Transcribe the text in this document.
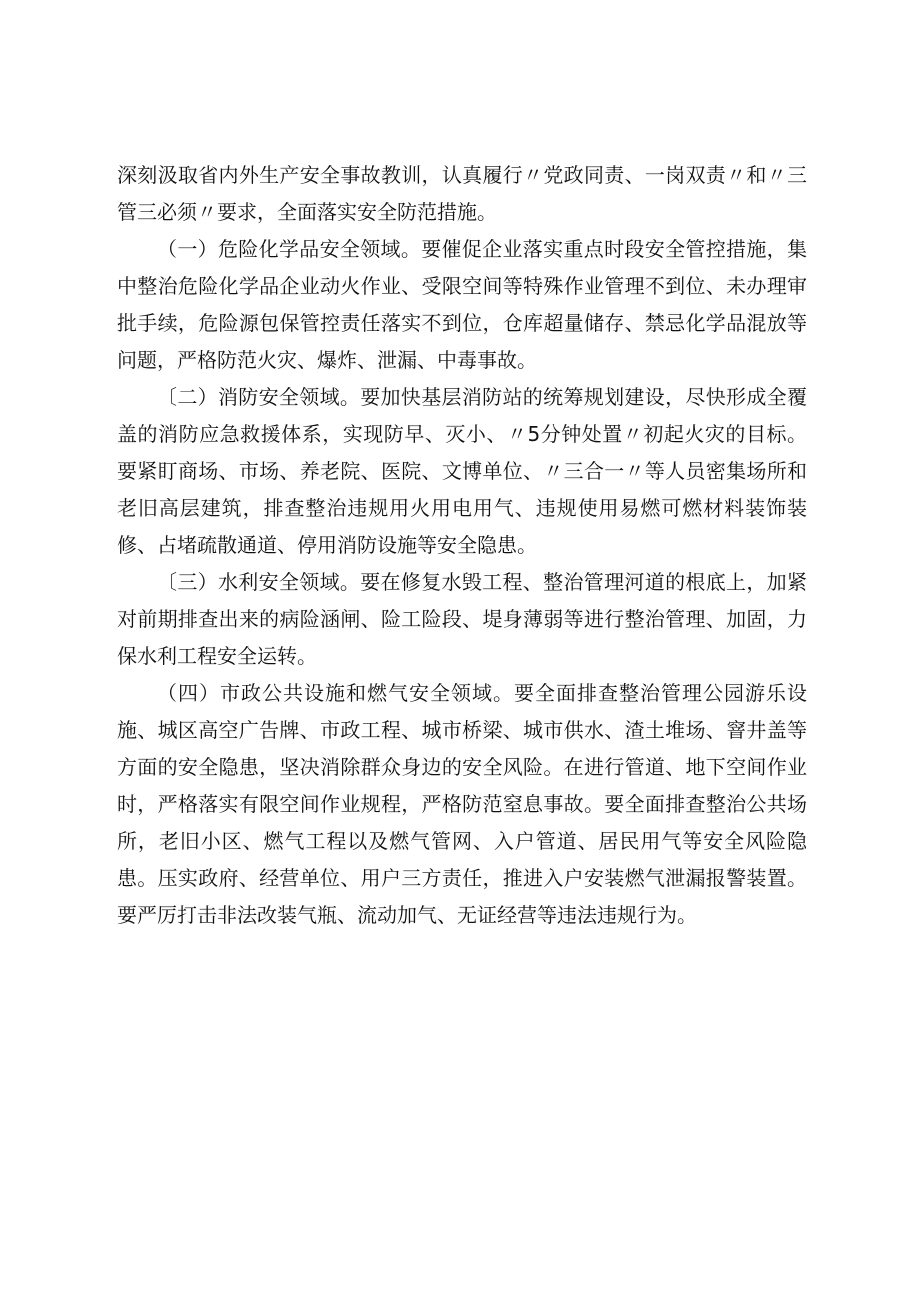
深刻汲取省内外生产安全事故教训，认真履行〃党政同责、一岗双责〃和〃三管三必须〃要求，全面落实安全防范措施。

（一）危险化学品安全领域。要催促企业落实重点时段安全管控措施，集中整治危险化学品企业动火作业、受限空间等特殊作业管理不到位、未办理审批手续，危险源包保管控责任落实不到位，仓库超量储存、禁忌化学品混放等问题，严格防范火灾、爆炸、泄漏、中毒事故。

〔二）消防安全领域。要加快基层消防站的统筹规划建设，尽快形成全覆盖的消防应急救援体系，实现防早、灭小、〃5分钟处置〃初起火灾的目标。要紧盯商场、市场、养老院、医院、文博单位、〃三合一〃等人员密集场所和老旧高层建筑，排查整治违规用火用电用气、违规使用易燃可燃材料装饰装修、占堵疏散通道、停用消防设施等安全隐患。

〔三）水利安全领域。要在修复水毁工程、整治管理河道的根底上，加紧对前期排查出来的病险涵闸、险工险段、堤身薄弱等进行整治管理、加固，力保水利工程安全运转。

（四）市政公共设施和燃气安全领域。要全面排查整治管理公园游乐设施、城区高空广告牌、市政工程、城市桥梁、城市供水、渣土堆场、窨井盖等方面的安全隐患，坚决消除群众身边的安全风险。在进行管道、地下空间作业时，严格落实有限空间作业规程，严格防范窒息事故。要全面排查整治公共场所，老旧小区、燃气工程以及燃气管网、入户管道、居民用气等安全风险隐患。压实政府、经营单位、用户三方责任，推进入户安装燃气泄漏报警装置。要严厉打击非法改装气瓶、流动加气、无证经营等违法违规行为。
